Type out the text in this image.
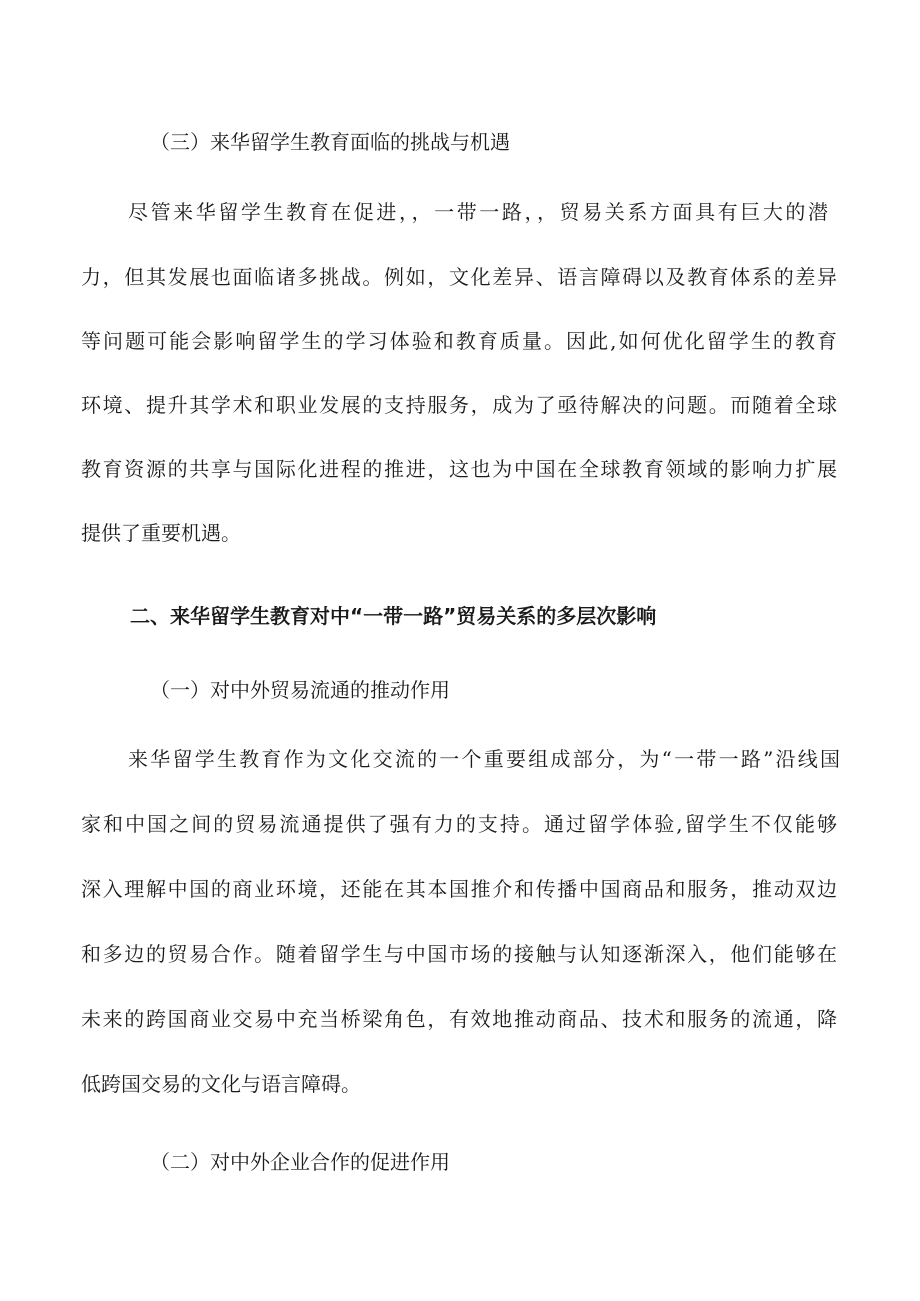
（三）来华留学生教育面临的挑战与机遇
尽管来华留学生教育在促进，，一带一路，，贸易关系方面具有巨大的潜
力，但其发展也面临诸多挑战。例如，文化差异、语言障碍以及教育体系的差异
等问题可能会影响留学生的学习体验和教育质量。因此,如何优化留学生的教育
环境、提升其学术和职业发展的支持服务，成为了亟待解决的问题。而随着全球
教育资源的共享与国际化进程的推进，这也为中国在全球教育领域的影响力扩展
提供了重要机遇。
二、来华留学生教育对中“一带一路”贸易关系的多层次影响
（一）对中外贸易流通的推动作用
来华留学生教育作为文化交流的一个重要组成部分，为“一带一路”沿线国
家和中国之间的贸易流通提供了强有力的支持。通过留学体验,留学生不仅能够
深入理解中国的商业环境，还能在其本国推介和传播中国商品和服务，推动双边
和多边的贸易合作。随着留学生与中国市场的接触与认知逐渐深入，他们能够在
未来的跨国商业交易中充当桥梁角色，有效地推动商品、技术和服务的流通，降
低跨国交易的文化与语言障碍。
（二）对中外企业合作的促进作用
